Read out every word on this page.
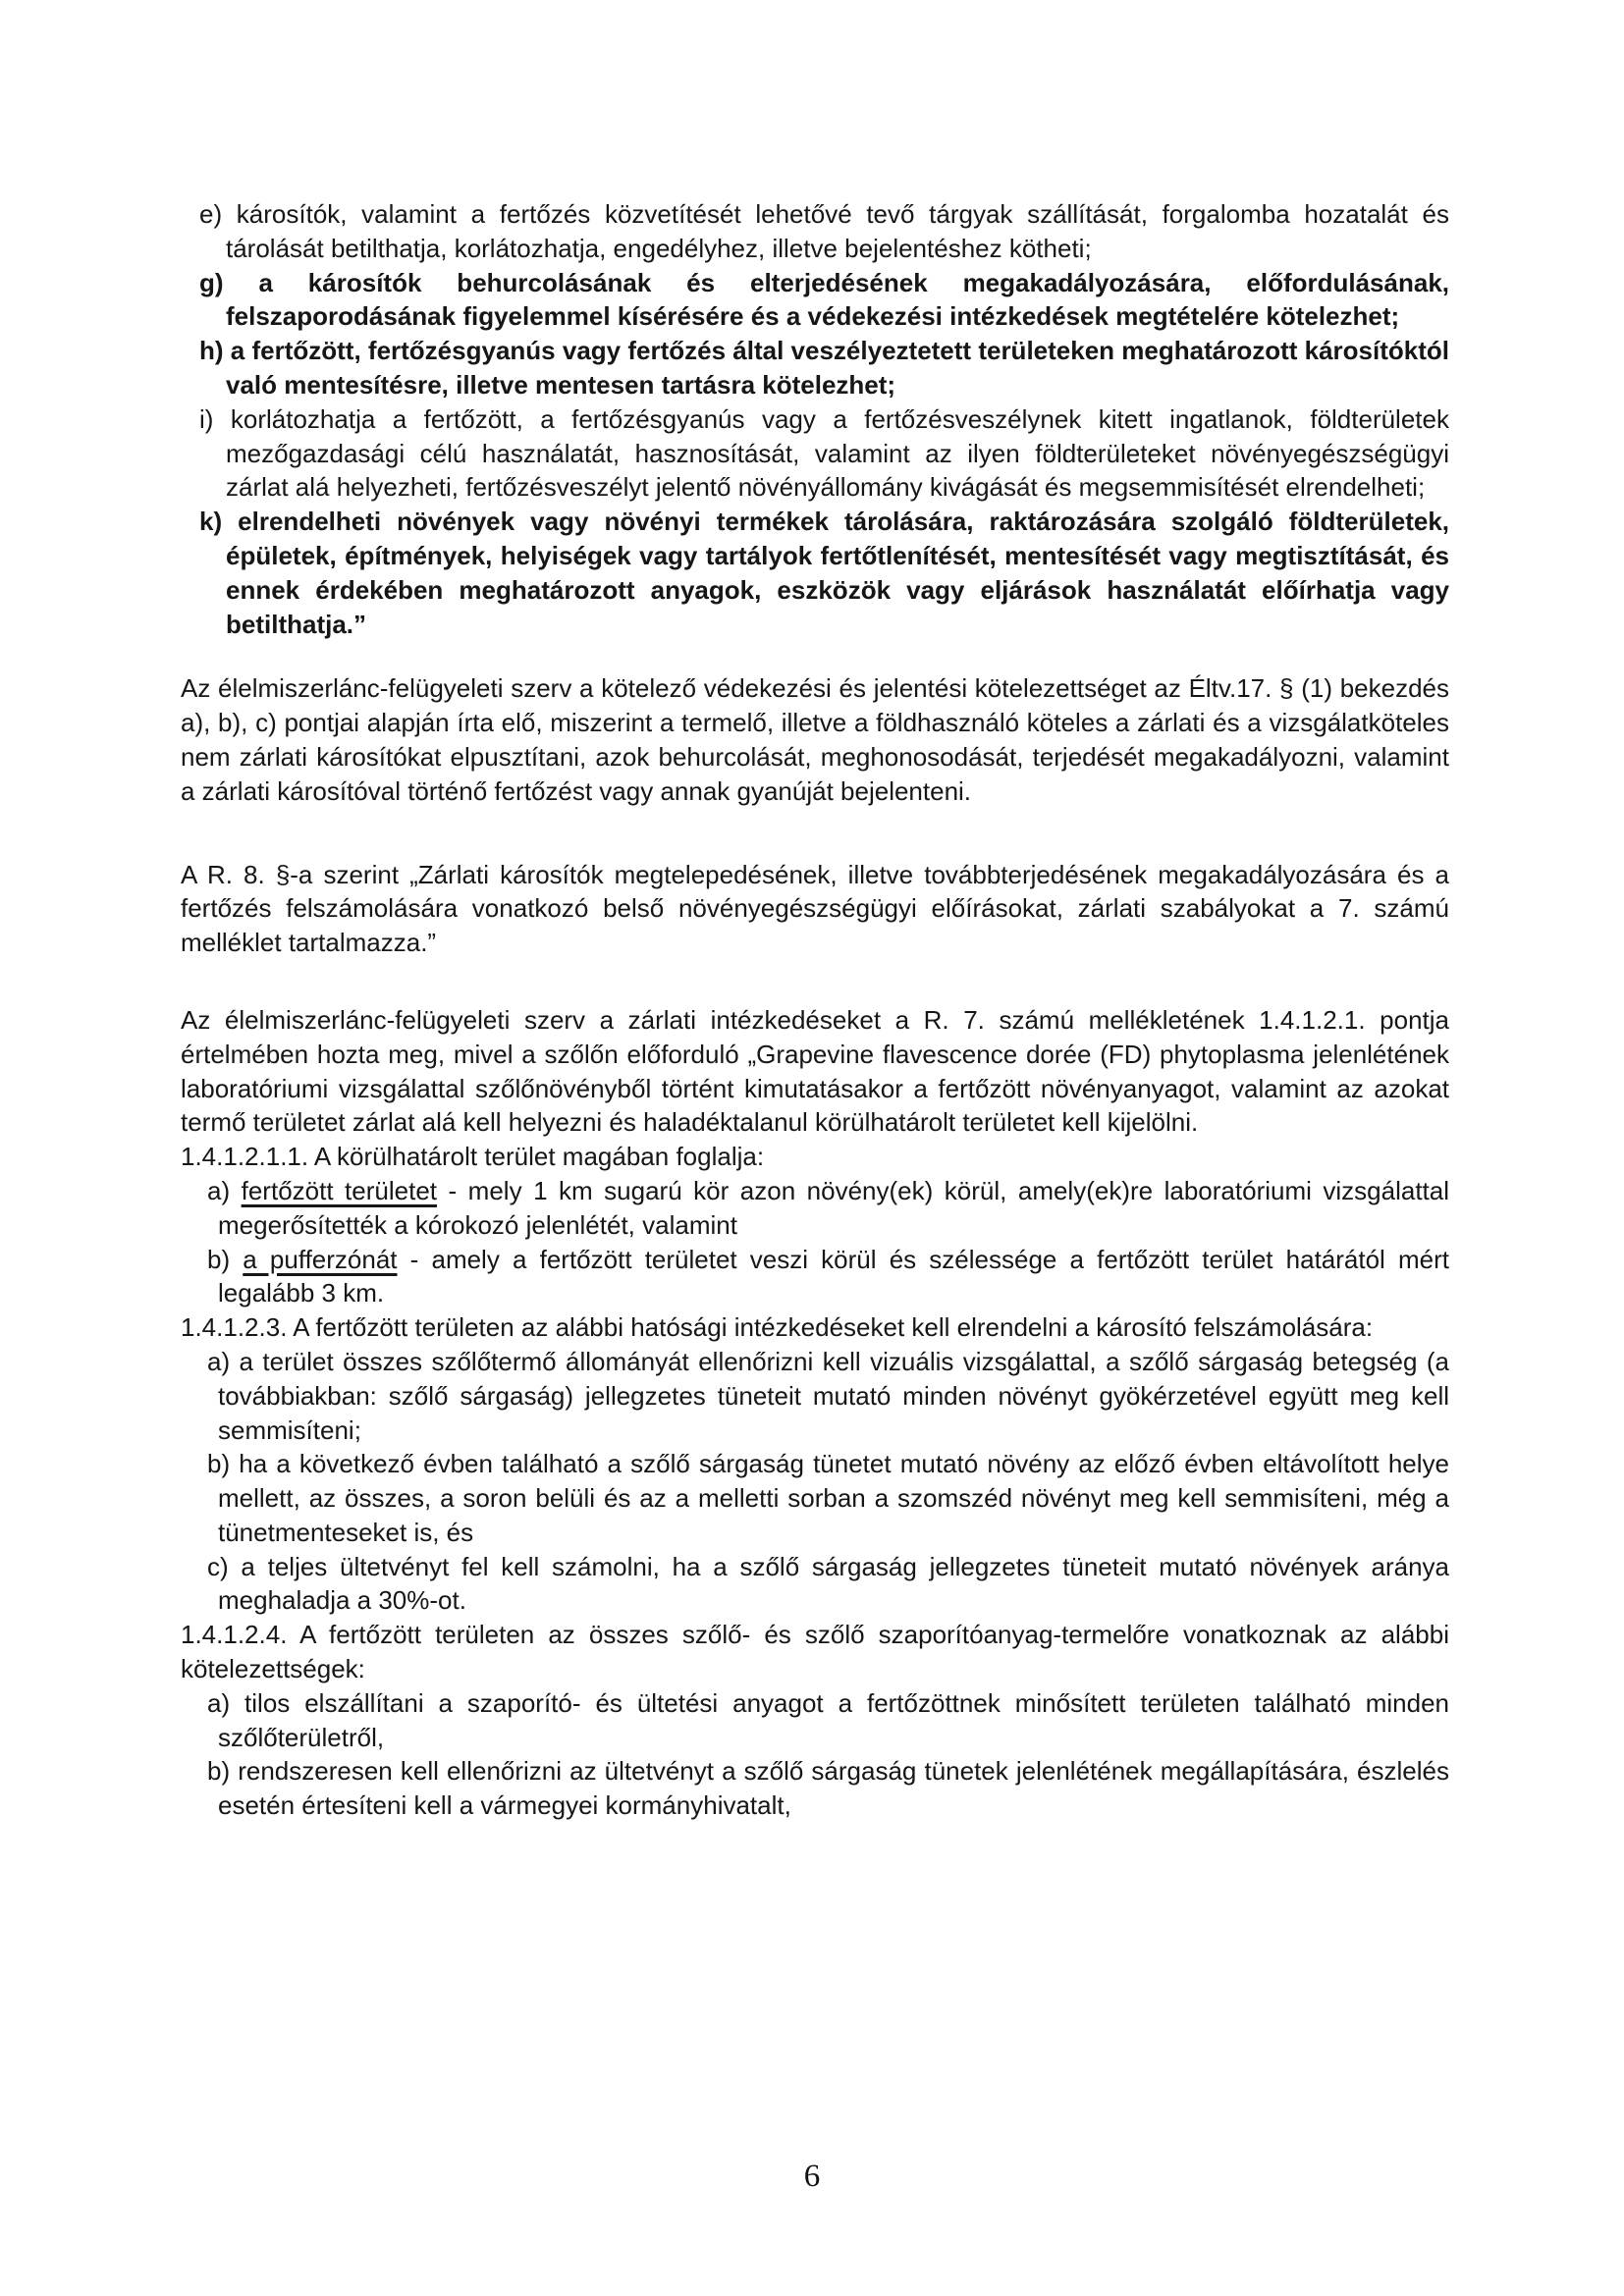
e) károsítók, valamint a fertőzés közvetítését lehetővé tevő tárgyak szállítását, forgalomba hozatalát és tárolását betilthatja, korlátozhatja, engedélyhez, illetve bejelentéshez kötheti;

g) a károsítók behurcolásának és elterjedésének megakadályozására, előfordulásának, felszaporodásának figyelemmel kísérésére és a védekezési intézkedések megtételére kötelezhet;

h) a fertőzött, fertőzésgyanús vagy fertőzés által veszélyeztetett területeken meghatározott károsítóktól való mentesítésre, illetve mentesen tartásra kötelezhet;

i) korlátozhatja a fertőzött, a fertőzésgyanús vagy a fertőzésveszélynek kitett ingatlanok, földterületek mezőgazdasági célú használatát, hasznosítását, valamint az ilyen földterületeket növényegészségügyi zárlat alá helyezheti, fertőzésveszélyt jelentő növényállomány kivágását és megsemmisítését elrendelheti;

k) elrendelheti növények vagy növényi termékek tárolására, raktározására szolgáló földterületek, épületek, építmények, helyiségek vagy tartályok fertőtlenítését, mentesítését vagy megtisztítását, és ennek érdekében meghatározott anyagok, eszközök vagy eljárások használatát előírhatja vagy betilthatja.”

Az élelmiszerlánc-felügyeleti szerv a kötelező védekezési és jelentési kötelezettséget az Éltv.17. § (1) bekezdés a), b), c) pontjai alapján írta elő, miszerint a termelő, illetve a földhasználó köteles a zárlati és a vizsgálatköteles nem zárlati károsítókat elpusztítani, azok behurcolását, meghonosodását, terjedését megakadályozni, valamint a zárlati károsítóval történő fertőzést vagy annak gyanúját bejelenteni.

A R. 8. §-a szerint „Zárlati károsítók megtelepedésének, illetve továbbterjedésének megakadályozására és a fertőzés felszámolására vonatkozó belső növényegészségügyi előírásokat, zárlati szabályokat a 7. számú melléklet tartalmazza.”

Az élelmiszerlánc-felügyeleti szerv a zárlati intézkedéseket a R. 7. számú mellékletének 1.4.1.2.1. pontja értelmében hozta meg, mivel a szőlőn előforduló „Grapevine flavescence dorée (FD) phytoplasma jelenlétének laboratóriumi vizsgálattal szőlőnövényből történt kimutatásakor a fertőzött növényanyagot, valamint az azokat termő területet zárlat alá kell helyezni és haladéktalanul körülhatárolt területet kell kijelölni.

1.4.1.2.1.1. A körülhatárolt terület magában foglalja:

a) fertőzött területet - mely 1 km sugarú kör azon növény(ek) körül, amely(ek)re laboratóriumi vizsgálattal megerősítették a kórokozó jelenlétét, valamint

b) a pufferzónát - amely a fertőzött területet veszi körül és szélessége a fertőzött terület határától mért legalább 3 km.

1.4.1.2.3. A fertőzött területen az alábbi hatósági intézkedéseket kell elrendelni a károsító felszámolására:

a) a terület összes szőlőtermő állományát ellenőrizni kell vizuális vizsgálattal, a szőlő sárgaság betegség (a továbbiakban: szőlő sárgaság) jellegzetes tüneteit mutató minden növényt gyökérzetével együtt meg kell semmisíteni;

b) ha a következő évben található a szőlő sárgaság tünetet mutató növény az előző évben eltávolított helye mellett, az összes, a soron belüli és az a melletti sorban a szomszéd növényt meg kell semmisíteni, még a tünetmenteseket is, és

c) a teljes ültetvényt fel kell számolni, ha a szőlő sárgaság jellegzetes tüneteit mutató növények aránya meghaladja a 30%-ot.

1.4.1.2.4. A fertőzött területen az összes szőlő- és szőlő szaporítóanyag-termelőre vonatkoznak az alábbi kötelezettségek:

a) tilos elszállítani a szaporító- és ültetési anyagot a fertőzöttnek minősített területen található minden szőlőterületről,

b) rendszeresen kell ellenőrizni az ültetvényt a szőlő sárgaság tünetek jelenlétének megállapítására, észlelés esetén értesíteni kell a vármegyei kormányhivatalt,

6
